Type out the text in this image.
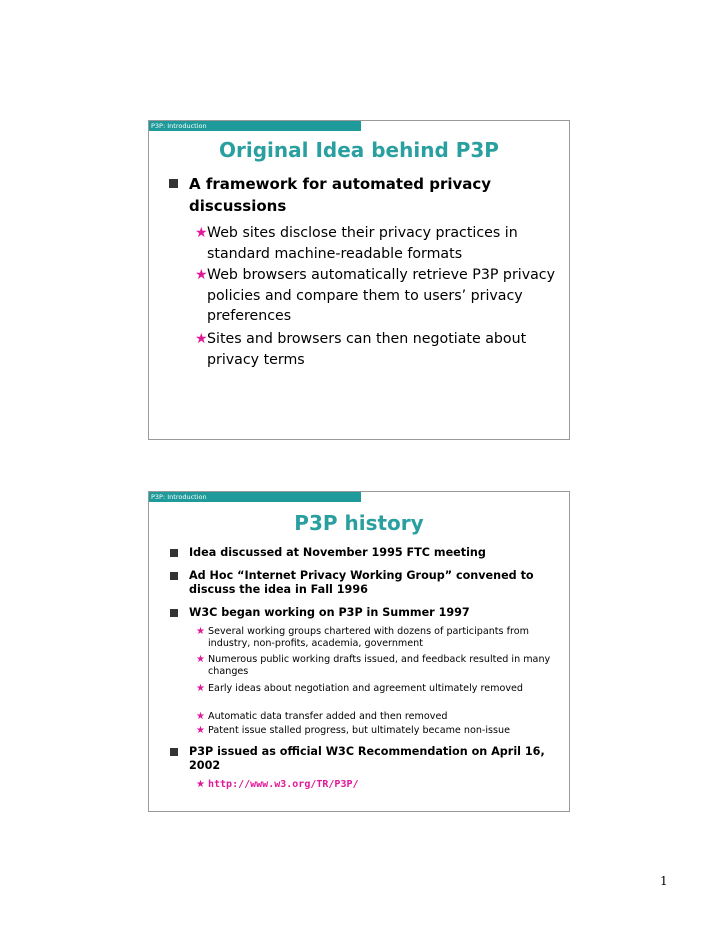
P3P: Introduction
Original Idea behind P3P
A framework for automated privacy discussions
★ Web sites disclose their privacy practices in standard machine-readable formats
★ Web browsers automatically retrieve P3P privacy policies and compare them to users’ privacy preferences
★ Sites and browsers can then negotiate about privacy terms
P3P: Introduction
P3P history
Idea discussed at November 1995 FTC meeting
Ad Hoc “Internet Privacy Working Group” convened to discuss the idea in Fall 1996
W3C began working on P3P in Summer 1997
★ Several working groups chartered with dozens of participants from industry, non-profits, academia, government
★ Numerous public working drafts issued, and feedback resulted in many changes
★ Early ideas about negotiation and agreement ultimately removed
★ Automatic data transfer added and then removed
★ Patent issue stalled progress, but ultimately became non-issue
P3P issued as official W3C Recommendation on April 16, 2002
★ http://www.w3.org/TR/P3P/
1
